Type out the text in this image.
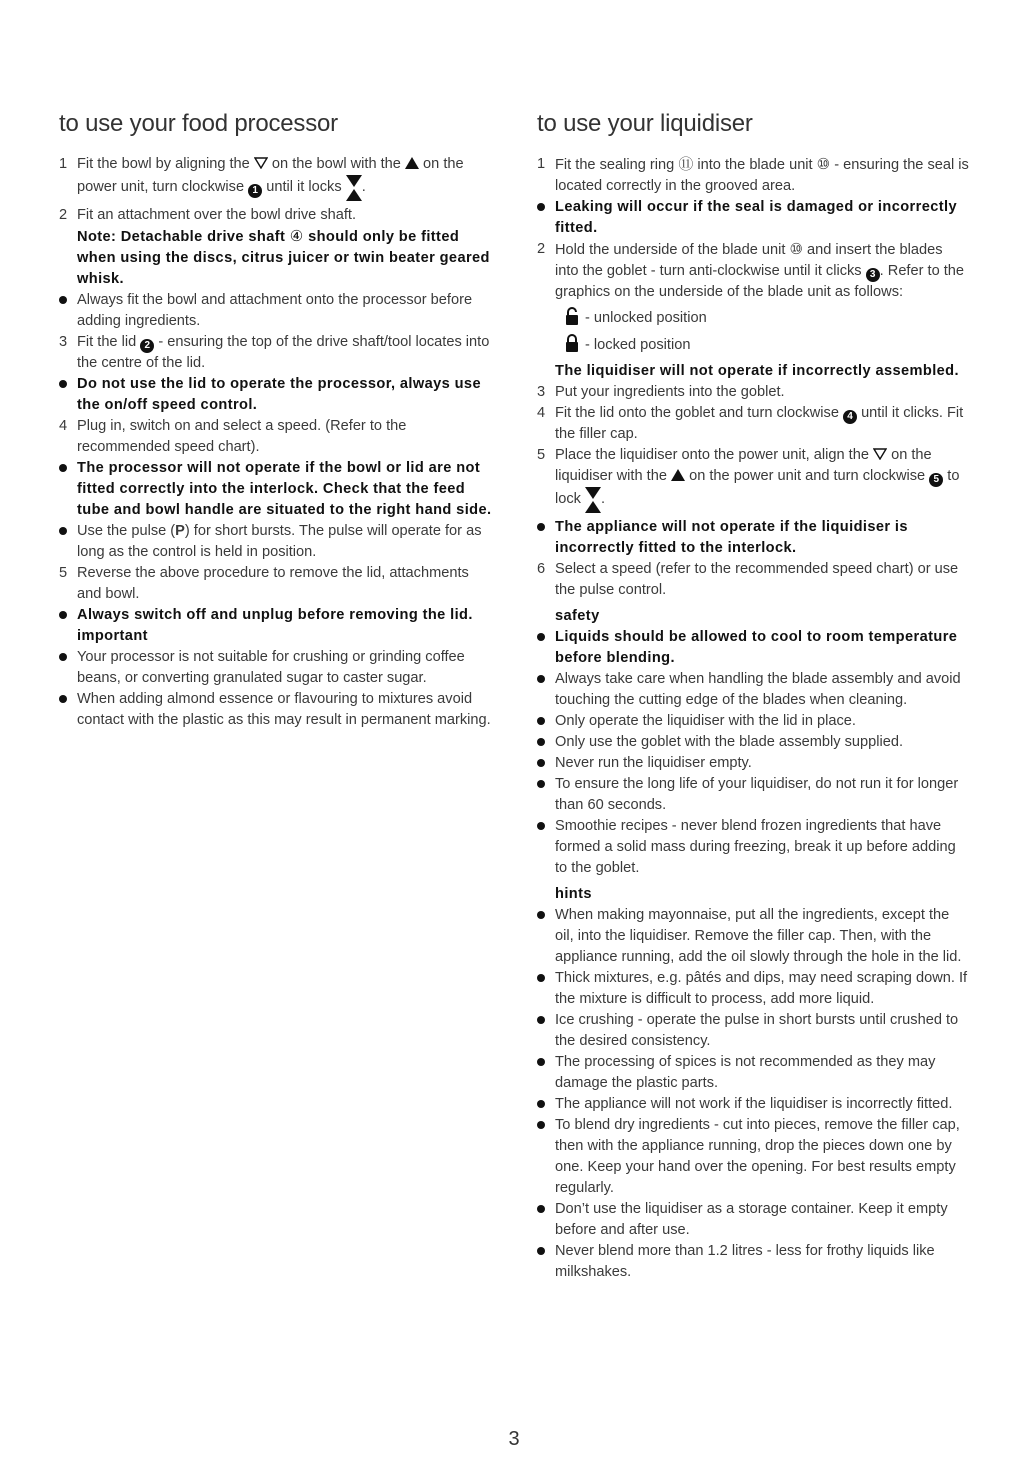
to use your food processor
1 Fit the bowl by aligning the on the bowl with the on the power unit, turn clockwise 1 until it locks .
2 Fit an attachment over the bowl drive shaft.
Note: Detachable drive shaft ④ should only be fitted when using the discs, citrus juicer or twin beater geared whisk.
Always fit the bowl and attachment onto the processor before adding ingredients.
3 Fit the lid 2 - ensuring the top of the drive shaft/tool locates into the centre of the lid.
Do not use the lid to operate the processor, always use the on/off speed control.
4 Plug in, switch on and select a speed. (Refer to the recommended speed chart).
The processor will not operate if the bowl or lid are not fitted correctly into the interlock. Check that the feed tube and bowl handle are situated to the right hand side.
Use the pulse (P) for short bursts. The pulse will operate for as long as the control is held in position.
5 Reverse the above procedure to remove the lid, attachments and bowl.
Always switch off and unplug before removing the lid.
important
Your processor is not suitable for crushing or grinding coffee beans, or converting granulated sugar to caster sugar.
When adding almond essence or flavouring to mixtures avoid contact with the plastic as this may result in permanent marking.
to use your liquidiser
1 Fit the sealing ring ⑪ into the blade unit ⑩ - ensuring the seal is located correctly in the grooved area.
Leaking will occur if the seal is damaged or incorrectly fitted.
2 Hold the underside of the blade unit ⑩ and insert the blades into the goblet - turn anti-clockwise until it clicks 3 . Refer to the graphics on the underside of the blade unit as follows:
- unlocked position
- locked position
The liquidiser will not operate if incorrectly assembled.
3 Put your ingredients into the goblet.
4 Fit the lid onto the goblet and turn clockwise 4 until it clicks. Fit the filler cap.
5 Place the liquidiser onto the power unit, align the on the liquidiser with the on the power unit and turn clockwise 5 to lock .
The appliance will not operate if the liquidiser is incorrectly fitted to the interlock.
6 Select a speed (refer to the recommended speed chart) or use the pulse control.
safety
Liquids should be allowed to cool to room temperature before blending.
Always take care when handling the blade assembly and avoid touching the cutting edge of the blades when cleaning.
Only operate the liquidiser with the lid in place.
Only use the goblet with the blade assembly supplied.
Never run the liquidiser empty.
To ensure the long life of your liquidiser, do not run it for longer than 60 seconds.
Smoothie recipes - never blend frozen ingredients that have formed a solid mass during freezing, break it up before adding to the goblet.
hints
When making mayonnaise, put all the ingredients, except the oil, into the liquidiser. Remove the filler cap. Then, with the appliance running, add the oil slowly through the hole in the lid.
Thick mixtures, e.g. pâtés and dips, may need scraping down. If the mixture is difficult to process, add more liquid.
Ice crushing - operate the pulse in short bursts until crushed to the desired consistency.
The processing of spices is not recommended as they may damage the plastic parts.
The appliance will not work if the liquidiser is incorrectly fitted.
To blend dry ingredients - cut into pieces, remove the filler cap, then with the appliance running, drop the pieces down one by one. Keep your hand over the opening. For best results empty regularly.
Don’t use the liquidiser as a storage container. Keep it empty before and after use.
Never blend more than 1.2 litres - less for frothy liquids like milkshakes.
3
